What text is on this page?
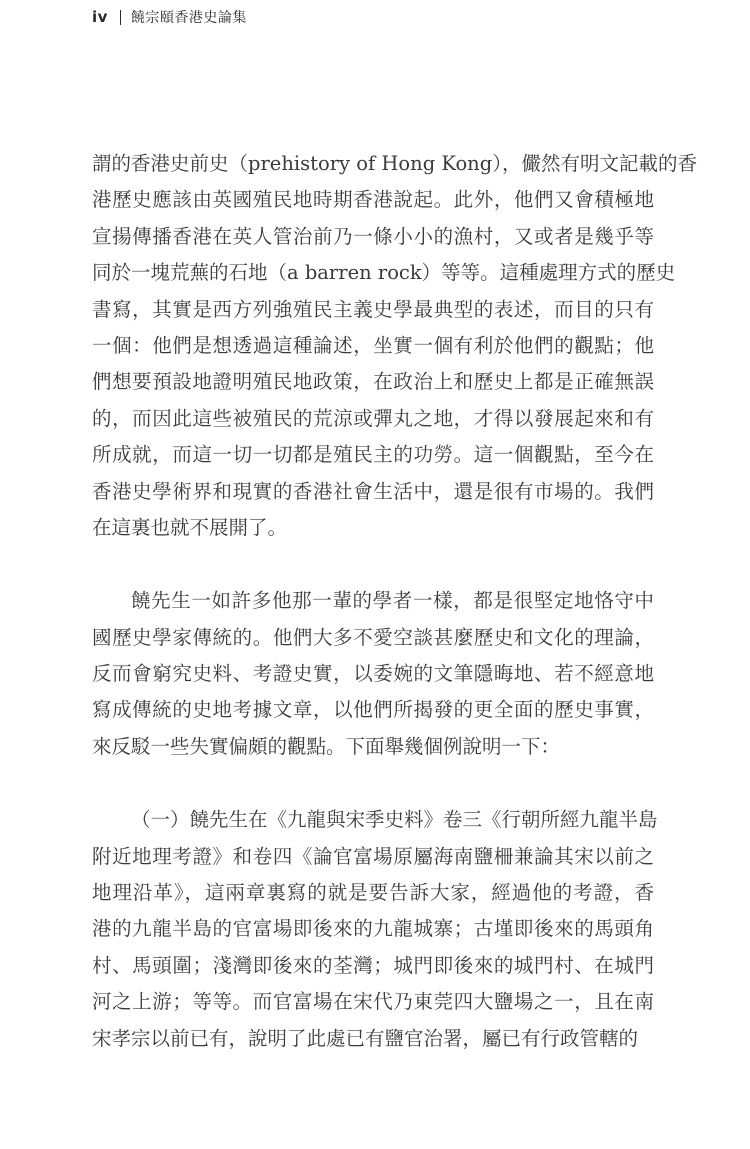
iv 饒宗頤香港史論集
謂的香港史前史（prehistory of Hong Kong），儼然有明文記載的香
港歷史應該由英國殖民地時期香港說起。此外，他們又會積極地
宣揚傳播香港在英人管治前乃一條小小的漁村，又或者是幾乎等
同於一塊荒蕪的石地（a barren rock）等等。這種處理方式的歷史
書寫，其實是西方列強殖民主義史學最典型的表述，而目的只有
一個：他們是想透過這種論述，坐實一個有利於他們的觀點；他
們想要預設地證明殖民地政策，在政治上和歷史上都是正確無誤
的，而因此這些被殖民的荒涼或彈丸之地，才得以發展起來和有
所成就，而這一切一切都是殖民主的功勞。這一個觀點，至今在
香港史學術界和現實的香港社會生活中，還是很有市場的。我們
在這裏也就不展開了。
饒先生一如許多他那一輩的學者一樣，都是很堅定地恪守中
國歷史學家傳統的。他們大多不愛空談甚麼歷史和文化的理論，
反而會窮究史料、考證史實，以委婉的文筆隱晦地、若不經意地
寫成傳統的史地考據文章，以他們所揭發的更全面的歷史事實，
來反駁一些失實偏頗的觀點。下面舉幾個例說明一下：
（一）饒先生在《九龍與宋季史料》卷三《行朝所經九龍半島
附近地理考證》和卷四《論官富場原屬海南鹽柵兼論其宋以前之
地理沿革》，這兩章裏寫的就是要告訴大家，經過他的考證，香
港的九龍半島的官富場即後來的九龍城寨；古墐即後來的馬頭角
村、馬頭圍；淺灣即後來的荃灣；城門即後來的城門村、在城門
河之上游；等等。而官富場在宋代乃東莞四大鹽場之一，且在南
宋孝宗以前已有，說明了此處已有鹽官治署，屬已有行政管轄的
